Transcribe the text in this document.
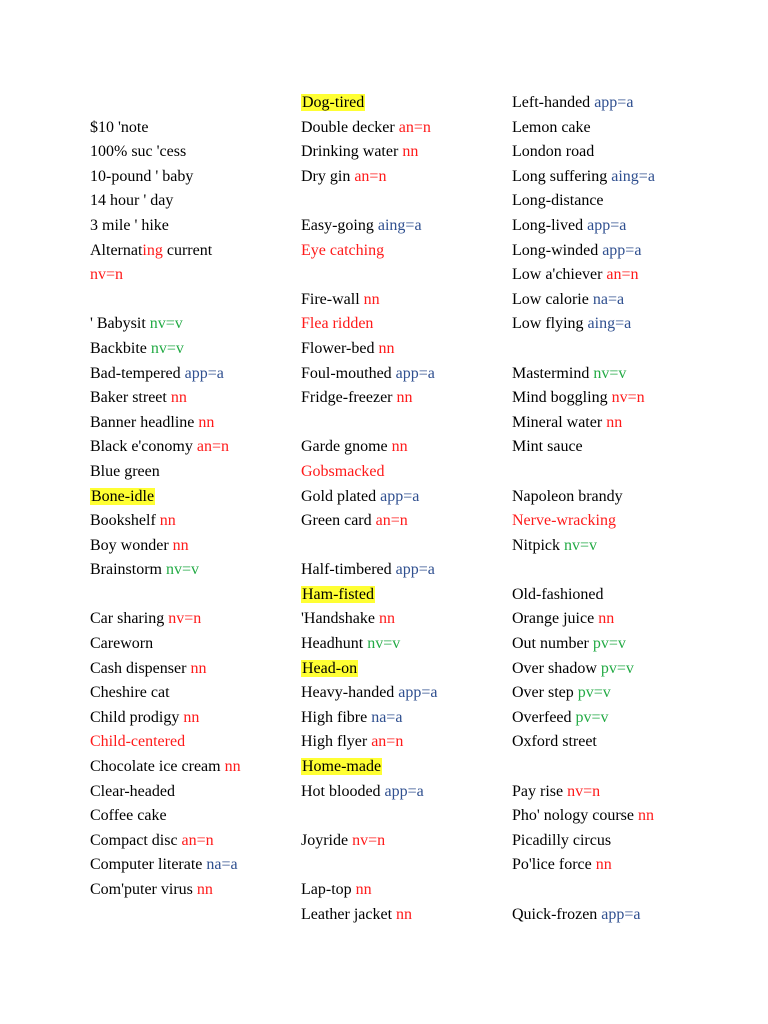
$10 'note
100% suc 'cess
10-pound ' baby
14 hour ' day
3 mile ' hike
Alternating current
nv=n
' Babysit nv=v
Backbite nv=v
Bad-tempered app=a
Baker street nn
Banner headline nn
Black e'conomy an=n
Blue green
Bone-idle
Bookshelf nn
Boy wonder nn
Brainstorm nv=v
Car sharing nv=n
Careworn
Cash dispenser nn
Cheshire cat
Child prodigy nn
Child-centered
Chocolate ice cream nn
Clear-headed
Coffee cake
Compact disc an=n
Computer literate na=a
Com'puter virus nn
Dog-tired
Double decker an=n
Drinking water nn
Dry gin an=n
Easy-going aing=a
Eye catching
Fire-wall nn
Flea ridden
Flower-bed nn
Foul-mouthed app=a
Fridge-freezer nn
Garde gnome nn
Gobsmacked
Gold plated app=a
Green card an=n
Half-timbered app=a
Ham-fisted
'Handshake nn
Headhunt nv=v
Head-on
Heavy-handed app=a
High fibre na=a
High flyer an=n
Home-made
Hot blooded app=a
Joyride nv=n
Lap-top nn
Leather jacket nn
Left-handed app=a
Lemon cake
London road
Long suffering aing=a
Long-distance
Long-lived app=a
Long-winded app=a
Low a'chiever an=n
Low calorie na=a
Low flying aing=a
Mastermind nv=v
Mind boggling nv=n
Mineral water nn
Mint sauce
Napoleon brandy
Nerve-wracking
Nitpick nv=v
Old-fashioned
Orange juice nn
Out number pv=v
Over shadow pv=v
Over step pv=v
Overfeed pv=v
Oxford street
Pay rise nv=n
Pho' nology course nn
Picadilly circus
Po'lice force nn
Quick-frozen app=a
